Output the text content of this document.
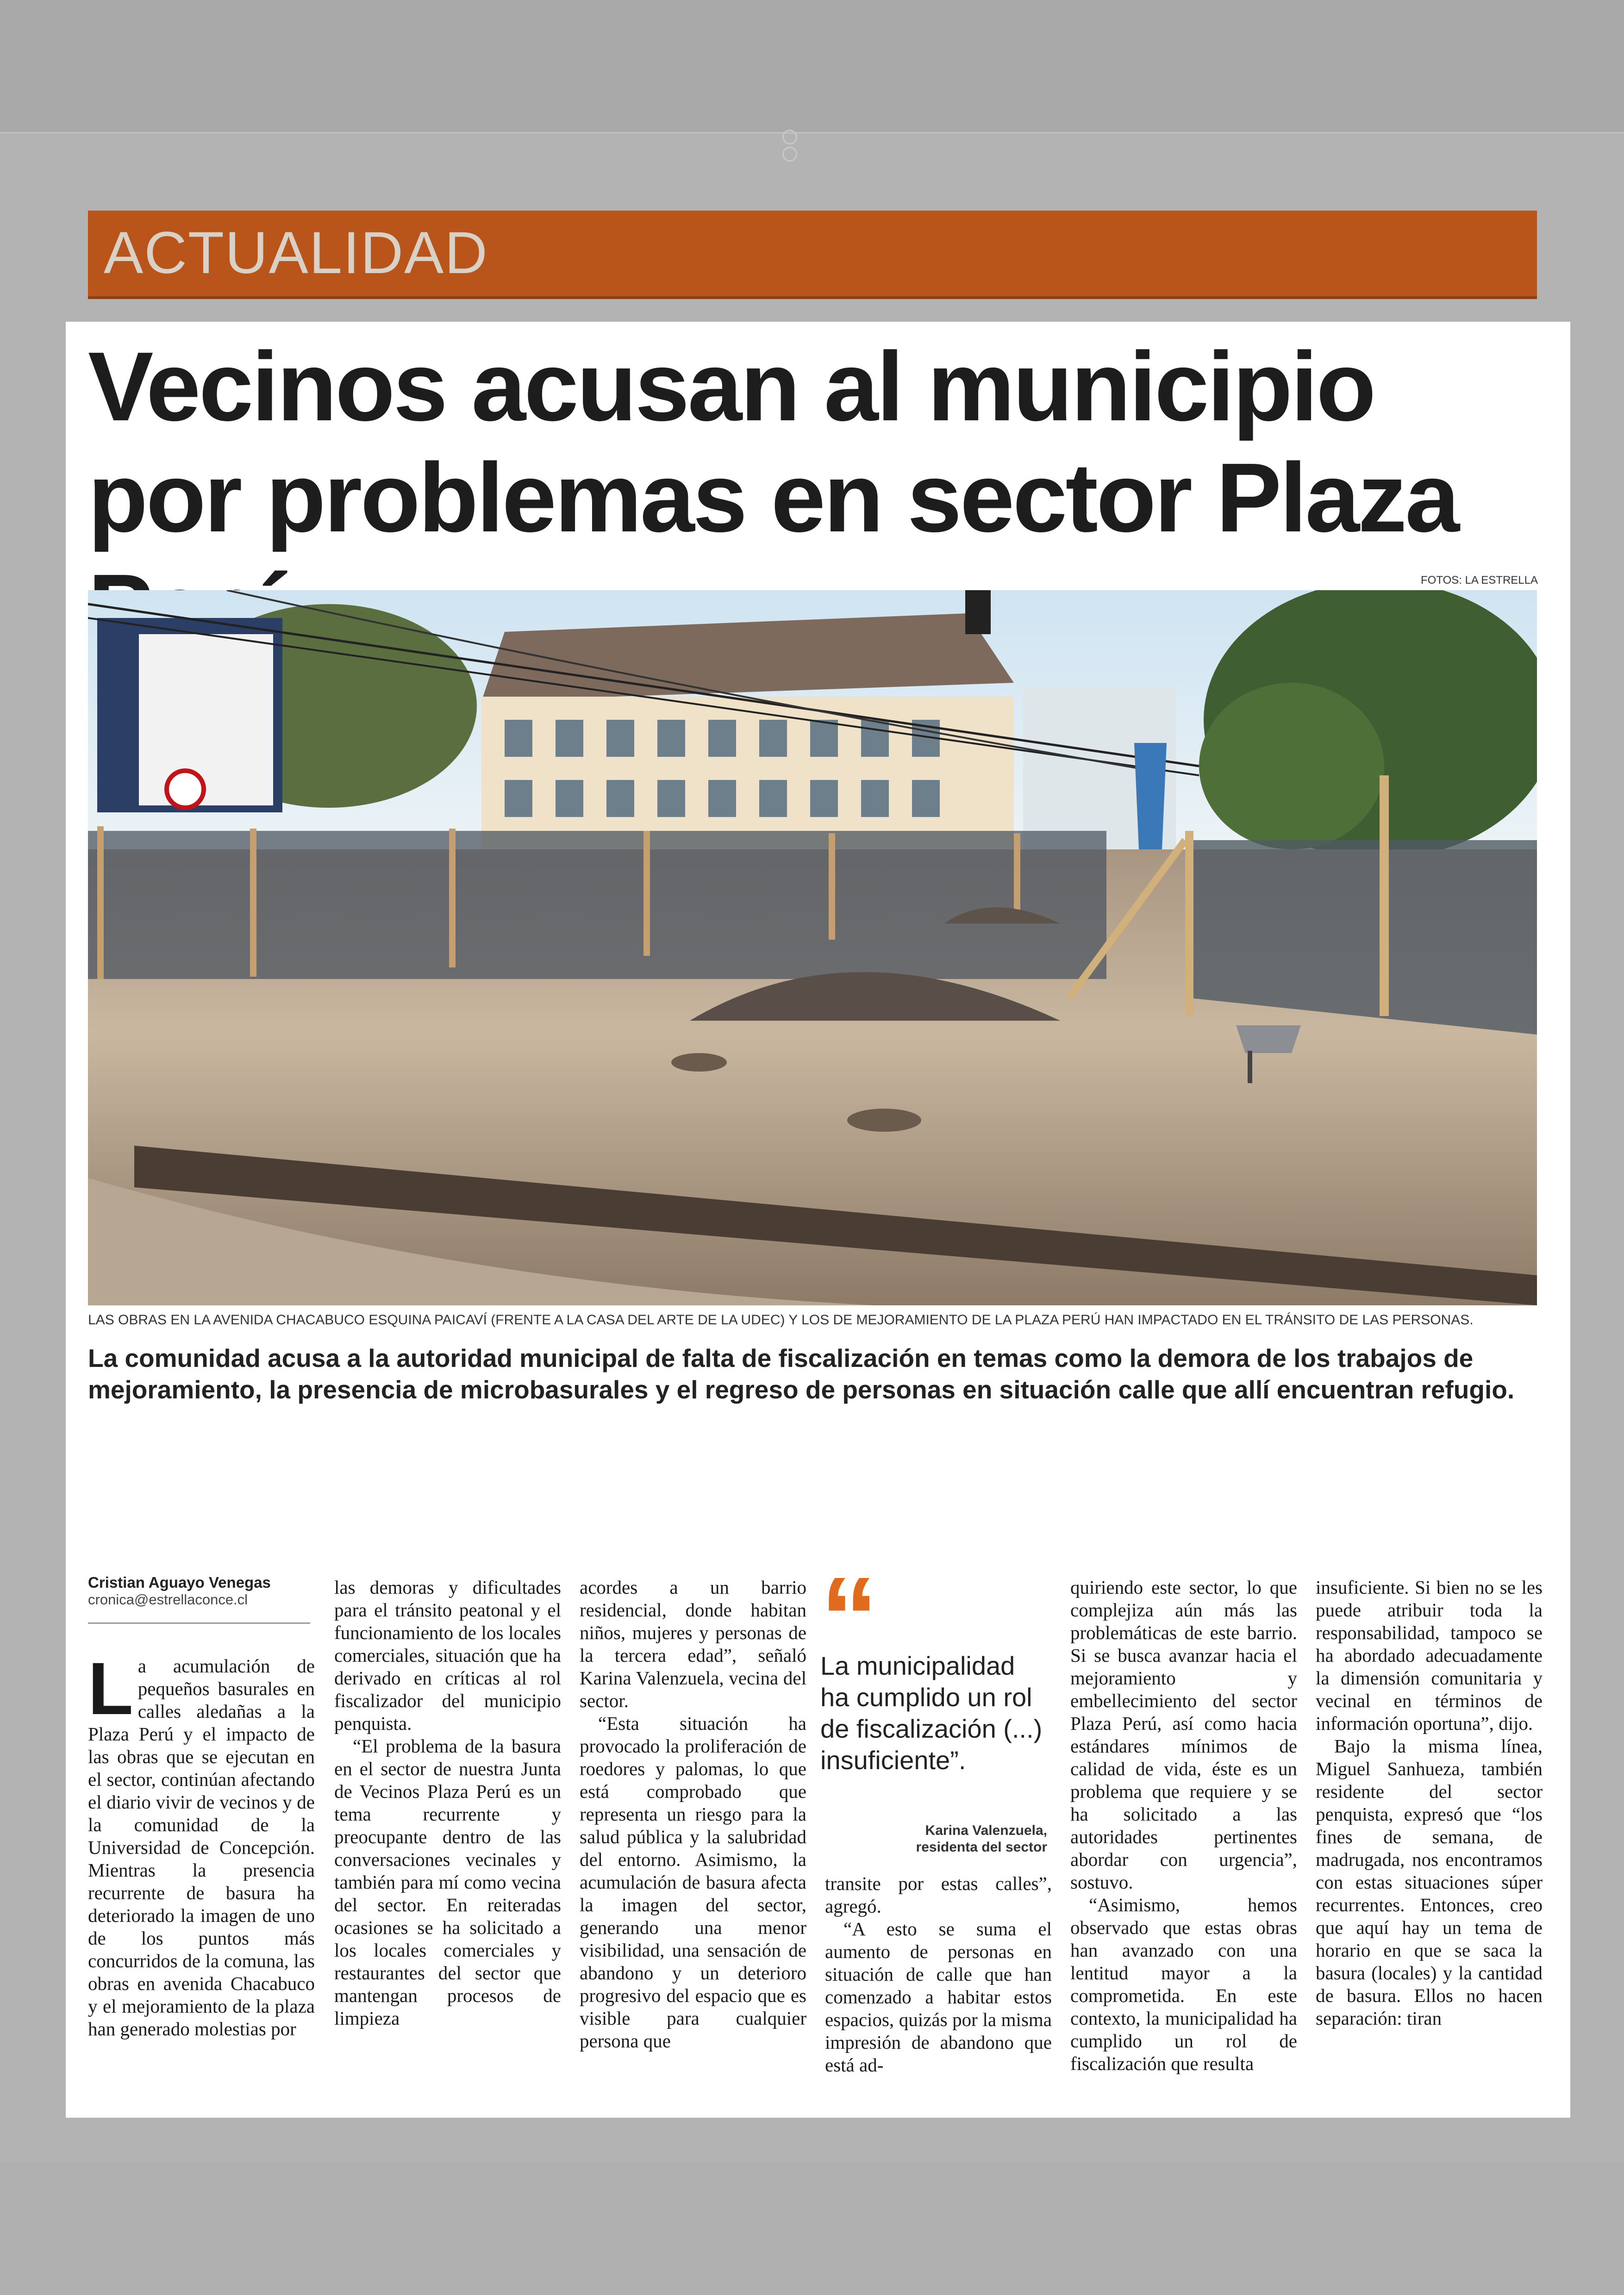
ACTUALIDAD
Vecinos acusan al municipio por problemas en sector Plaza
FOTOS: LA ESTRELLA
LAS OBRAS EN LA AVENIDA CHACABUCO ESQUINA PAICAVÍ (FRENTE A LA CASA DEL ARTE DE LA UDEC) Y LOS DE MEJORAMIENTO DE LA PLAZA PERÚ HAN IMPACTADO EN EL TRÁNSITO DE LAS PERSONAS.

La comunidad acusa a la autoridad municipal de falta de fiscalización en temas como la demora de los trabajos de mejoramiento, la presencia de microbasurales y el regreso de personas en situación calle que allí encuentran refugio.

Cristian Aguayo Venegas
cronica@estrellaconce.cl

La acumulación de pequeños basurales en calles aledañas a la Plaza Perú y el impacto de las obras que se ejecutan en el sector, continúan afectando el diario vivir de vecinos y de la comunidad de la Universidad de Concepción. Mientras la presencia recurrente de basura ha deteriorado la imagen de uno de los puntos más concurridos de la comuna, las obras en avenida Chacabuco y el mejoramiento de la plaza han generado molestias por

las demoras y dificultades para el tránsito peatonal y el funcionamiento de los locales comerciales, situación que ha derivado en críticas al rol fiscalizador del municipio penquista.

“El problema de la basura en el sector de nuestra Junta de Vecinos Plaza Perú es un tema recurrente y preocupante dentro de las conversaciones vecinales y también para mí como vecina del sector. En reiteradas ocasiones se ha solicitado a los locales comerciales y restaurantes del sector que mantengan procesos de limpieza

acordes a un barrio residencial, donde habitan niños, mujeres y personas de la tercera edad”, señaló Karina Valenzuela, vecina del sector.

“Esta situación ha provocado la proliferación de roedores y palomas, lo que está comprobado que representa un riesgo para la salud pública y la salubridad del entorno. Asimismo, la acumulación de basura afecta la imagen del sector, generando una menor visibilidad, una sensación de abandono y un deterioro progresivo del espacio que es visible para cualquier persona que

“
La municipalidad ha cumplido un rol de fiscalización (...) insuficiente”.
Karina Valenzuela,
residenta del sector

transite por estas calles”, agregó.

“A esto se suma el aumento de personas en situación de calle que han comenzado a habitar estos espacios, quizás por la misma impresión de abandono que está ad-

quiriendo este sector, lo que complejiza aún más las problemáticas de este barrio. Si se busca avanzar hacia el mejoramiento y embellecimiento del sector Plaza Perú, así como hacia estándares mínimos de calidad de vida, éste es un problema que requiere y se ha solicitado a las autoridades pertinentes abordar con urgencia”, sostuvo.

“Asimismo, hemos observado que estas obras han avanzado con una lentitud mayor a la comprometida. En este contexto, la municipalidad ha cumplido un rol de fiscalización que resulta

insuficiente. Si bien no se les puede atribuir toda la responsabilidad, tampoco se ha abordado adecuadamente la dimensión comunitaria y vecinal en términos de información oportuna”, dijo.

Bajo la misma línea, Miguel Sanhueza, también residente del sector penquista, expresó que “los fines de semana, de madrugada, nos encontramos con estas situaciones súper recurrentes. Entonces, creo que aquí hay un tema de horario en que se saca la basura (locales) y la cantidad de basura. Ellos no hacen separación: tiran
